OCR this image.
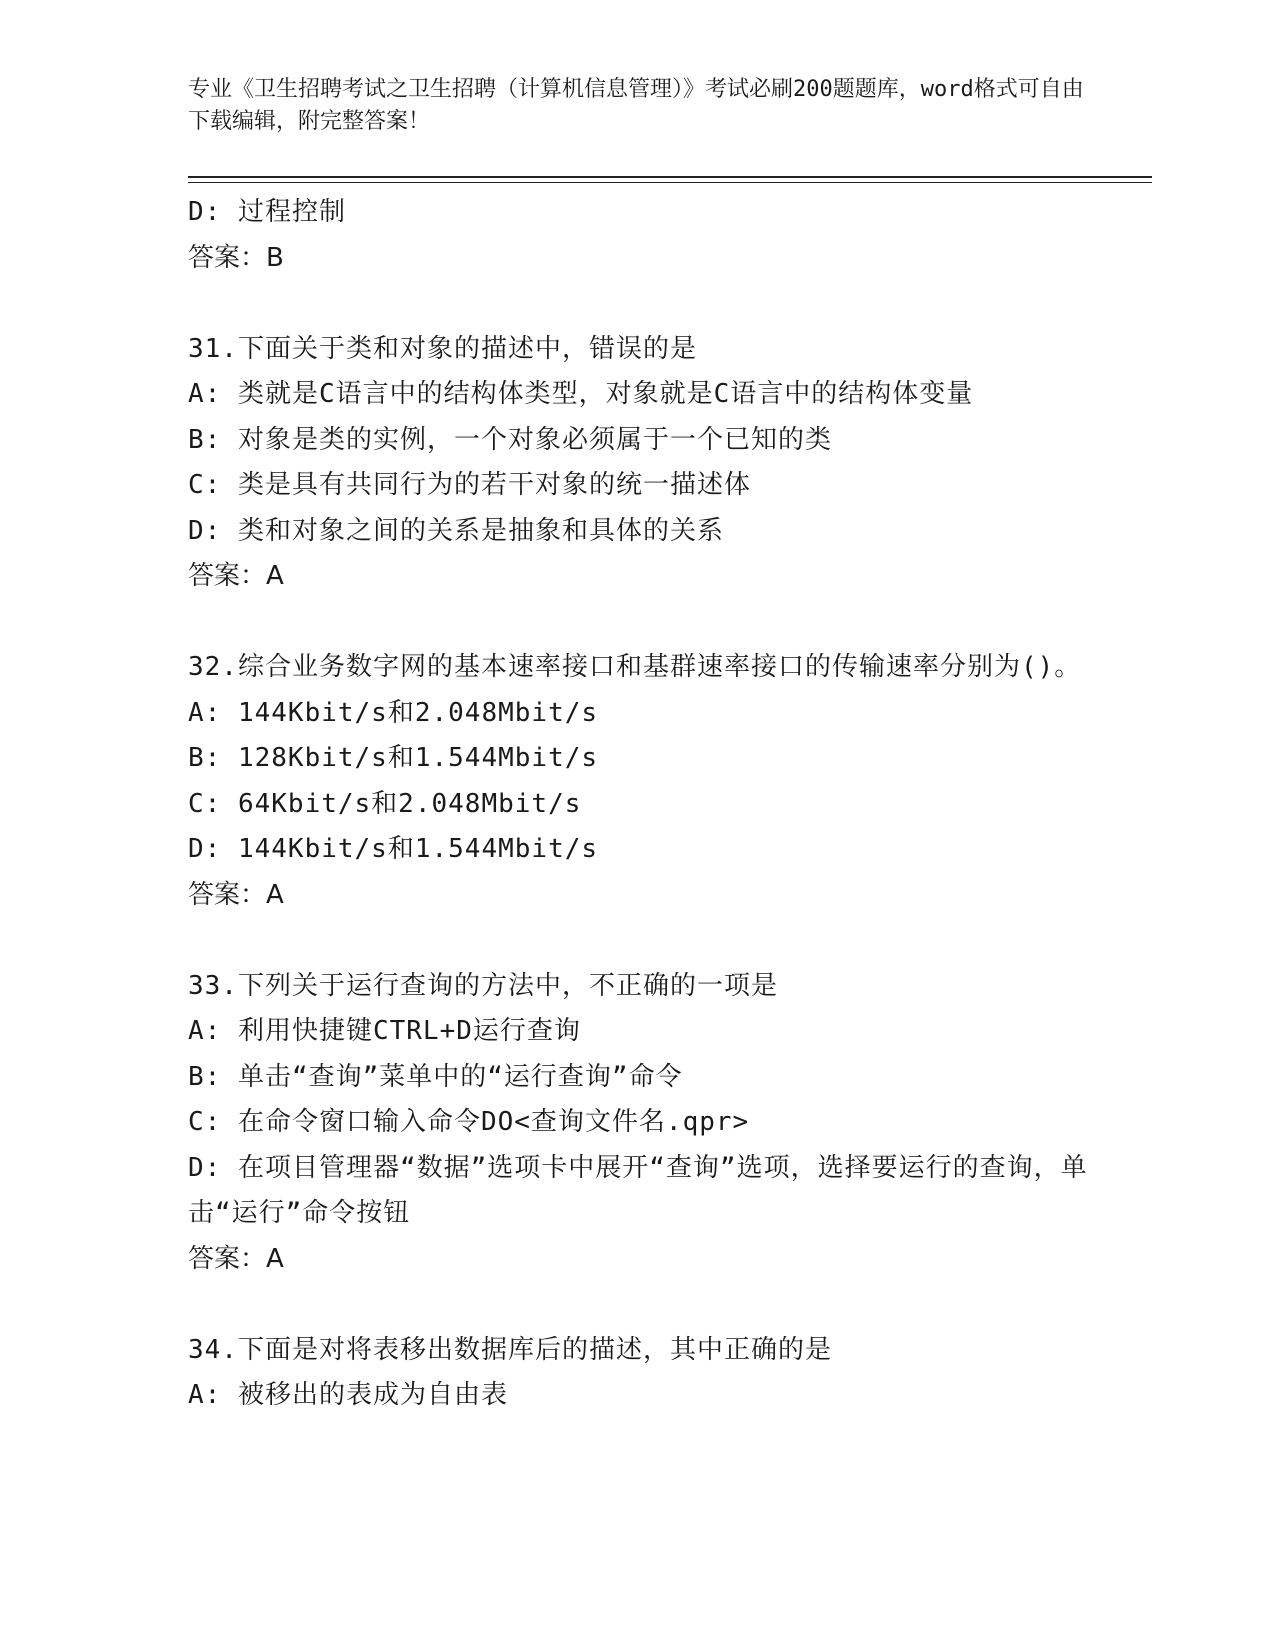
专业《卫生招聘考试之卫生招聘（计算机信息管理）》考试必刷200题题库，word格式可自由下载编辑，附完整答案！
D: 过程控制
答案：B
31.下面关于类和对象的描述中，错误的是
A: 类就是C语言中的结构体类型，对象就是C语言中的结构体变量
B: 对象是类的实例，一个对象必须属于一个已知的类
C: 类是具有共同行为的若干对象的统一描述体
D: 类和对象之间的关系是抽象和具体的关系
答案：A
32.综合业务数字网的基本速率接口和基群速率接口的传输速率分别为()。
A: 144Kbit/s和2.048Mbit/s
B: 128Kbit/s和1.544Mbit/s
C: 64Kbit/s和2.048Mbit/s
D: 144Kbit/s和1.544Mbit/s
答案：A
33.下列关于运行查询的方法中，不正确的一项是
A: 利用快捷键CTRL+D运行查询
B: 单击“查询”菜单中的“运行查询”命令
C: 在命令窗口输入命令DO<查询文件名.qpr>
D: 在项目管理器“数据”选项卡中展开“查询”选项，选择要运行的查询，单击“运行”命令按钮
答案：A
34.下面是对将表移出数据库后的描述，其中正确的是
A: 被移出的表成为自由表
